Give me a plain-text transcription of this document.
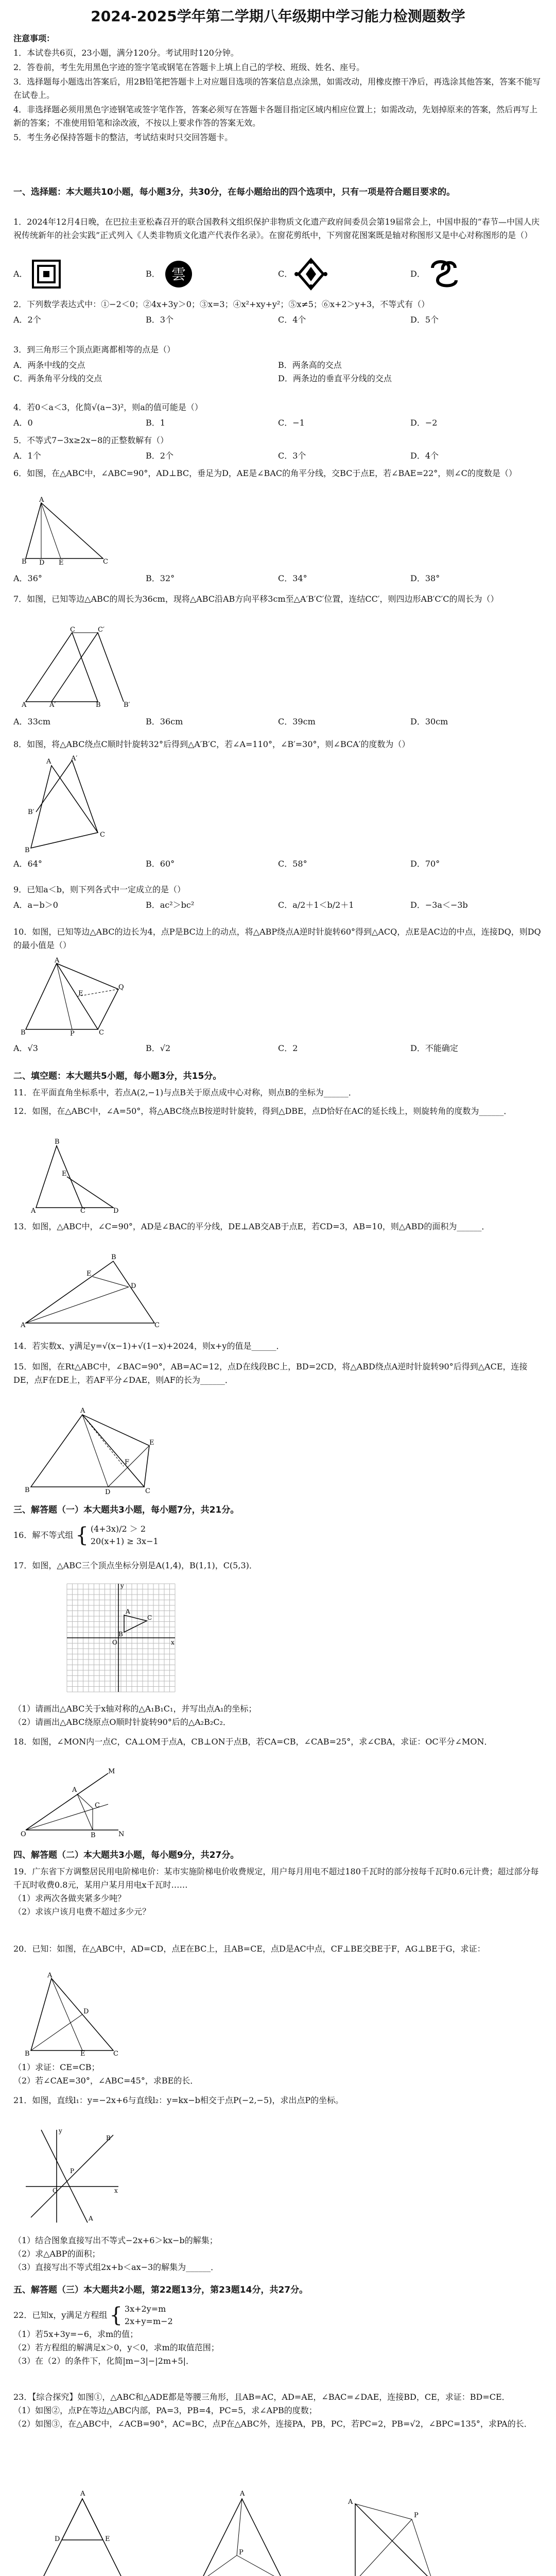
2024-2025学年第二学期八年级期中学习能力检测题数学

注意事项：

1．本试卷共6页，23小题，满分120分。考试用时120分钟。

2．答卷前，考生先用黑色字迹的签字笔或钢笔在答题卡上填上自己的学校、班级、姓名、座号。

3．选择题每小题选出答案后，用2B铅笔把答题卡上对应题目选项的答案信息点涂黑，如需改动，用橡皮擦干净后，再选涂其他答案，答案不能写在试卷上。

4．非选择题必须用黑色字迹钢笔或签字笔作答，答案必须写在答题卡各题目指定区域内相应位置上；如需改动，先划掉原来的答案，然后再写上新的答案；不准使用铅笔和涂改液，不按以上要求作答的答案无效。

5．考生务必保持答题卡的整洁，考试结束时只交回答题卡。

一、选择题：本大题共10小题，每小题3分，共30分，在每小题给出的四个选项中，只有一项是符合题目要求的。

1．2024年12月4日晚，在巴拉圭亚松森召开的联合国教科文组织保护非物质文化遗产政府间委员会第19届常会上，中国申报的“春节—中国人庆祝传统新年的社会实践”正式列入《人类非物质文化遗产代表作名录》。在窗花剪纸中，下列窗花图案既是轴对称图形又是中心对称图形的是（）

A．	B． 雲	C．	D．

2．下列数学表达式中：①−2＜0；②4x+3y＞0；③x=3；④x²+xy+y²；⑤x≠5；⑥x+2＞y+3，不等式有（）

A．2个	B．3个	C．4个	D．5个

3．到三角形三个顶点距离都相等的点是（）

A．两条中线的交点	B．两条高的交点
C．两条角平分线的交点	D．两条边的垂直平分线的交点

4．若0＜a＜3，化简√(a−3)²，则a的值可能是（）

A．0	B．1	C．−1	D．−2

5．不等式7−3x≥2x−8的正整数解有（）

A．1个	B．2个	C．3个	D．4个

6．如图，在△ABC中，∠ABC=90°，AD⊥BC，垂足为D，AE是∠BAC的角平分线，交BC于点E，若∠BAE=22°，则∠C的度数是（）

A
B D E	C
A．36°	B．32°	C．34°	D．38°

7．如图，已知等边△ABC的周长为36cm，现将△ABC沿AB方向平移3cm至△A′B′C′位置，连结CC′，则四边形AB′C′C的周长为（）

C	C′
A	A′	B	B′
A．33cm	B．36cm	C．39cm	D．30cm

8．如图，将△ABC绕点C顺时针旋转32°后得到△A′B′C，若∠A=110°，∠B′=30°，则∠BCA′的度数为（）

A	A′
B
C
B′
A．64°	B．60°	C．58°	D．70°

9．已知a＜b，则下列各式中一定成立的是（）

A．a−b＞0	B．ac²＞bc²	C．a/2＋1＜b/2＋1	D．−3a＜−3b

10．如图，已知等边△ABC的边长为4，点P是BC边上的动点，将△ABP绕点A逆时针旋转60°得到△ACQ，点E是AC边的中点，连接DQ，则DQ的最小值是（）

A
B	P	C
Q
E
A．√3	B．√2	C．2	D．不能确定
二、填空题：本大题共5小题，每小题3分，共15分。

11．在平面直角坐标系中，若点A(2,−1)与点B关于原点成中心对称，则点B的坐标为______．

12．如图，在△ABC中，∠A=50°，将△ABC绕点B按逆时针旋转，得到△DBE，点D恰好在AC的延长线上，则旋转角的度数为______．

A
B
C	D
E

13．如图，△ABC中，∠C=90°，AD是∠BAC的平分线，DE⊥AB交AB于点E，若CD=3，AB=10，则△ABD的面积为______．

A
B
C
D
E

14．若实数x、y满足y=√(x−1)+√(1−x)+2024，则x+y的值是______．

15．如图，在Rt△ABC中，∠BAC=90°，AB=AC=12，点D在线段BC上，BD=2CD，将△ABD绕点A逆时针旋转90°后得到△ACE，连接DE，点F在DE上，若AF平分∠DAE，则AF的长为______．

A
B	D	C
E
F
三、解答题（一）本大题共3小题，每小题7分，共21分。
16．解不等式组 { (4+3x)/2 ＞ 2
20(x+1) ≥ 3x−1

17．如图，△ABC三个顶点坐标分别是A(1,4)，B(1,1)，C(5,3)．

A
B
C
O	x
y

（1）请画出△ABC关于x轴对称的△A₁B₁C₁，并写出点A₁的坐标；

（2）请画出△ABC绕原点O顺时针旋转90°后的△A₂B₂C₂．

18．如图，∠MON内一点C，CA⊥OM于点A，CB⊥ON于点B，若CA=CB，∠CAB=25°，求∠CBA，求证：OC平分∠MON．

O
M
N
A
C
B
四、解答题（二）本大题共3小题，每小题9分，共27分。

19．广东省下方调整居民用电阶梯电价：某市实施阶梯电价收费规定，用户每月用电不超过180千瓦时的部分按每千瓦时0.6元计费；超过部分每千瓦时收费0.8元，某用户某月用电x千瓦时……

（1）求两次各做夹紧多少吨？

（2）求该户该月电费不超过多少元？

20．已知：如图，在△ABC中，AD=CD，点E在BC上，且AB=CE，点D是AC中点，CF⊥BE交BE于F，AG⊥BE于G，求证：

A
B	C
E
D

（1）求证：CE=CB；

（2）若∠CAE=30°，∠ABC=45°，求BE的长．

21．如图，直线l₁：y=−2x+6与直线l₂：y=kx−b相交于点P(−2,−5)，求出点P的坐标。

O	x
y
A
B
P

（1）结合图象直接写出不等式−2x+6＞kx−b的解集；

（2）求△ABP的面积；

（3）直接写出不等式组2x+b＜ax−3的解集为______．

五、解答题（三）本大题共2小题，第22题13分，第23题14分，共27分。
22．已知x，y满足方程组 { 3x+2y=m
2x+y=m−2

（1）若5x+3y=−6，求m的值；

（2）若方程组的解满足x＞0，y＜0，求m的取值范围；

（3）在（2）的条件下，化简|m−3|−|2m+5|．

23．【综合探究】如图①，△ABC和△ADE都是等腰三角形，且AB=AC，AD=AE，∠BAC=∠DAE，连接BD，CE，求证：BD=CE．

（1）如图②，点P在等边△ABC内部，PA=3，PB=4，PC=5，求∠APB的度数；

（2）如图③，在△ABC中，∠ACB=90°，AC=BC，点P在△ABC外，连接PA，PB，PC，若PC=2，PB=√2，∠BPC=135°，求PA的长．

A
D	E
A
P
A
P
